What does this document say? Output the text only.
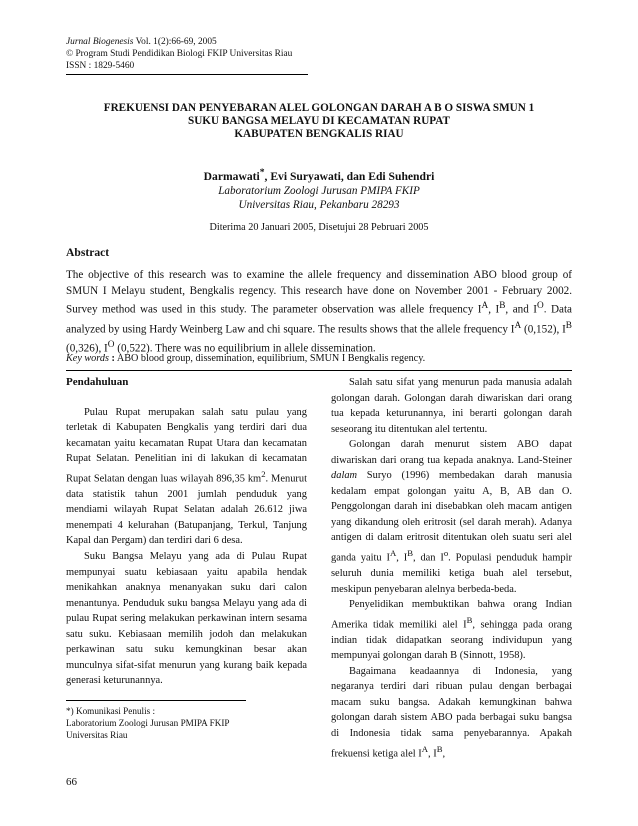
Jurnal Biogenesis Vol. 1(2):66-69, 2005
© Program Studi Pendidikan Biologi FKIP Universitas Riau
ISSN : 1829-5460
FREKUENSI DAN PENYEBARAN ALEL GOLONGAN DARAH A B O SISWA SMUN 1
SUKU BANGSA MELAYU DI KECAMATAN RUPAT
KABUPATEN BENGKALIS RIAU
Darmawati*, Evi Suryawati, dan Edi Suhendri
Laboratorium Zoologi Jurusan PMIPA FKIP
Universitas Riau, Pekanbaru 28293
Diterima 20 Januari 2005, Disetujui 28 Pebruari 2005
Abstract
The objective of this research was to examine the allele frequency and dissemination ABO blood group of SMUN I Melayu student, Bengkalis regency. This research have done on November 2001 - February 2002. Survey method was used in this study. The parameter observation was allele frequency $I^A$, $I^B$, and $I^O$. Data analyzed by using Hardy Weinberg Law and chi square. The results shows that the allele frequency $I^A$ (0,152), $I^B$ (0,326), $I^O$ (0,522). There was no equilibrium in allele dissemination.
Key words : ABO blood group, dissemination, equilibrium, SMUN I Bengkalis regency.
Pendahuluan

Pulau Rupat merupakan salah satu pulau yang terletak di Kabupaten Bengkalis yang terdiri dari dua kecamatan yaitu kecamatan Rupat Utara dan kecamatan Rupat Selatan. Penelitian ini di lakukan di kecamatan Rupat Selatan dengan luas wilayah 896,35 $km^2$. Menurut data statistik tahun 2001 jumlah penduduk yang mendiami wilayah Rupat Selatan adalah 26.612 jiwa menempati 4 kelurahan (Batupanjang, Terkul, Tanjung Kapal dan Pergam) dan terdiri dari 6 desa.

Suku Bangsa Melayu yang ada di Pulau Rupat mempunyai suatu kebiasaan yaitu apabila hendak menikahkan anaknya menanyakan suku dari calon menantunya. Penduduk suku bangsa Melayu yang ada di pulau Rupat sering melakukan perkawinan intern sesama satu suku. Kebiasaan memilih jodoh dan melakukan perkawinan satu suku kemungkinan besar akan munculnya sifat-sifat menurun yang kurang baik kepada generasi keturunannya.

*) Komunikasi Penulis :
Laboratorium Zoologi Jurusan PMIPA FKIP
Universitas Riau

Salah satu sifat yang menurun pada manusia adalah golongan darah. Golongan darah diwariskan dari orang tua kepada keturunannya, ini berarti golongan darah seseorang itu ditentukan alel tertentu.

Golongan darah menurut sistem ABO dapat diwariskan dari orang tua kepada anaknya. Land-Steiner dalam Suryo (1996) membedakan darah manusia kedalam empat golongan yaitu A, B, AB dan O. Penggolongan darah ini disebabkan oleh macam antigen yang dikandung oleh eritrosit (sel darah merah). Adanya antigen di dalam eritrosit ditentukan oleh suatu seri alel ganda yaitu $I^A$, $I^B$, dan $I^o$. Populasi penduduk hampir seluruh dunia memiliki ketiga buah alel tersebut, meskipun penyebaran alelnya berbeda-beda.

Penyelidikan membuktikan bahwa orang Indian Amerika tidak memiliki alel $I^B$, sehingga pada orang indian tidak didapatkan seorang individupun yang mempunyai golongan darah B (Sinnott, 1958).

Bagaimana keadaannya di Indonesia, yang negaranya terdiri dari ribuan pulau dengan berbagai macam suku bangsa. Adakah kemungkinan bahwa golongan darah sistem ABO pada berbagai suku bangsa di Indonesia tidak sama penyebarannya. Apakah frekuensi ketiga alel $I^A$, $I^B$,

66
